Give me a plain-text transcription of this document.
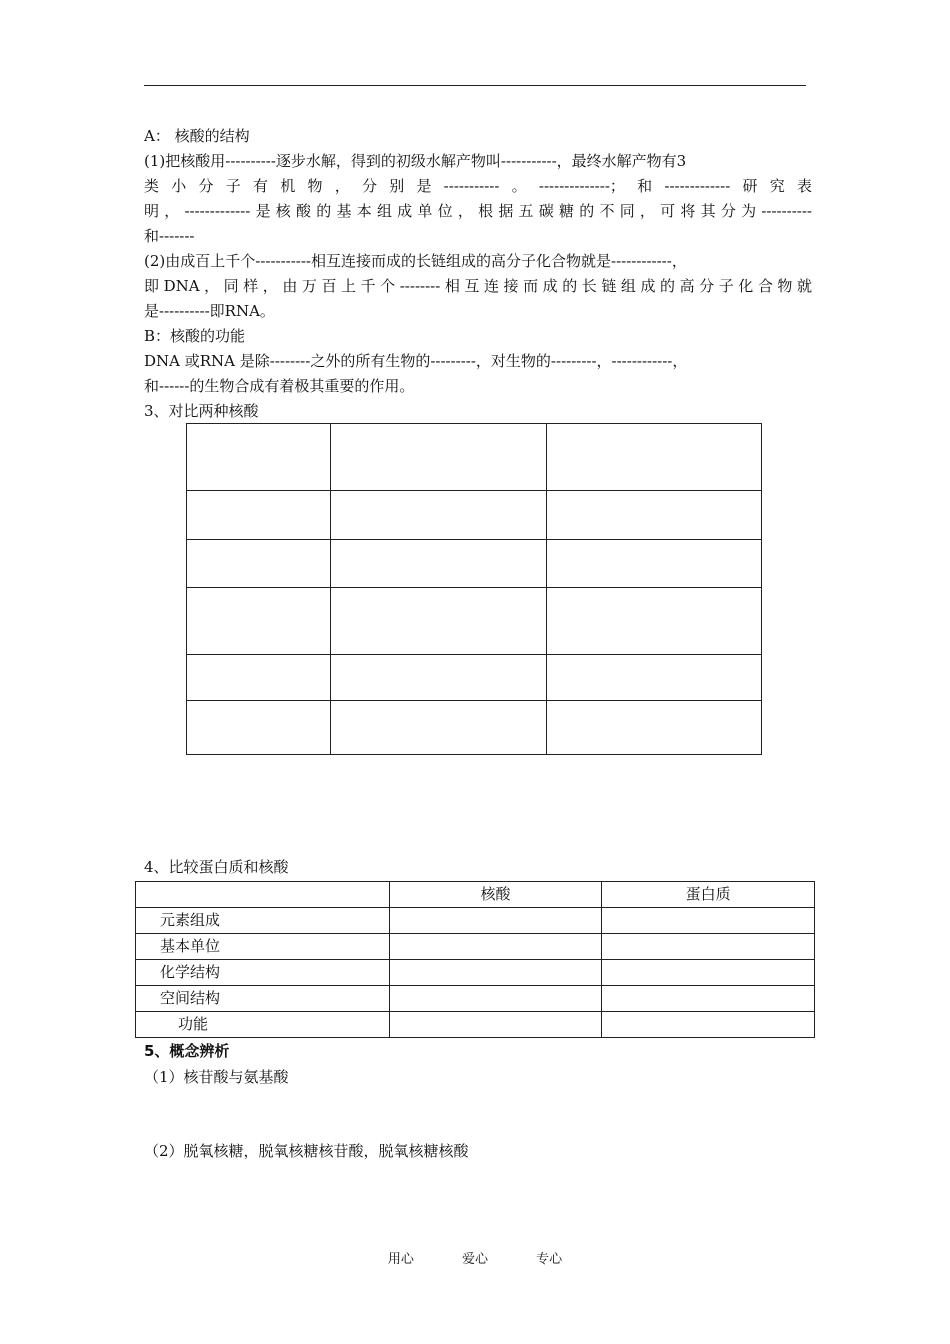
A： 核酸的结构
(1)把核酸用----------逐步水解，得到的初级水解产物叫-----------，最终水解产物有3
类小分子有机物，分别是-----------。--------------；和-------------研究表
明，-------------是核酸的基本组成单位，根据五碳糖的不同，可将其分为----------
和-------
(2)由成百上千个-----------相互连接而成的长链组成的高分子化合物就是------------，
即DNA，同样，由万百上千个--------相互连接而成的长链组成的高分子化合物就
是----------即RNA。
B：核酸的功能
DNA 或RNA 是除--------之外的所有生物的---------，对生物的---------，------------，
和------的生物合成有着极其重要的作用。
3、对比两种核酸

4、比较蛋白质和核酸
	核酸	蛋白质
元素组成		
基本单位		
化学结构		
空间结构		
功能		
5、概念辨析
（1）核苷酸与氨基酸
（2）脱氧核糖，脱氧核糖核苷酸，脱氧核糖核酸
用心	爱心	专心
